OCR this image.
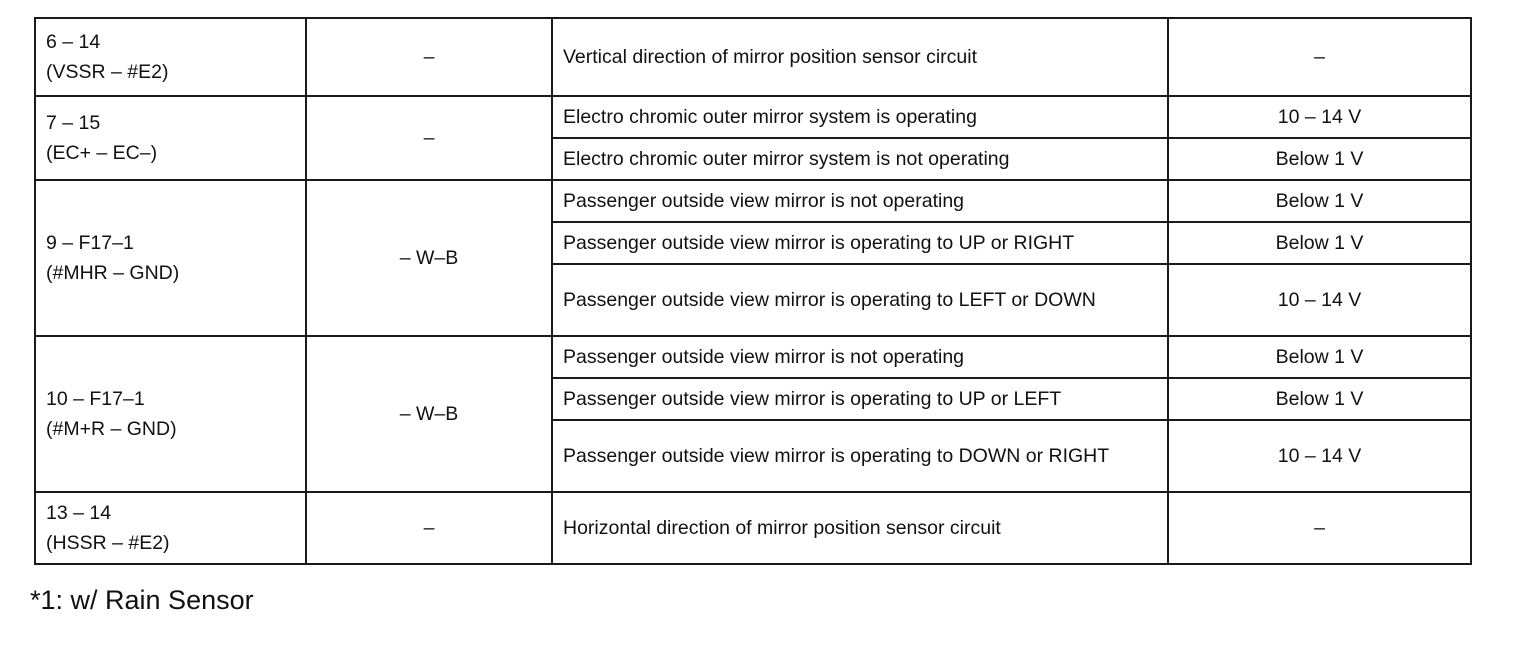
6 – 14
(VSSR – #E2)	–	Vertical direction of mirror position sensor circuit	–

7 – 15
(EC+ – EC–)	–	Electro chromic outer mirror system is operating	10 – 14 V
		Electro chromic outer mirror system is not operating	Below 1 V

9 – F17–1
(#MHR – GND)	– W–B	Passenger outside view mirror is not operating	Below 1 V
		Passenger outside view mirror is operating to UP or RIGHT	Below 1 V
		Passenger outside view mirror is operating to LEFT or DOWN	10 – 14 V

10 – F17–1
(#M+R – GND)	– W–B	Passenger outside view mirror is not operating	Below 1 V
		Passenger outside view mirror is operating to UP or LEFT	Below 1 V
		Passenger outside view mirror is operating to DOWN or RIGHT	10 – 14 V

13 – 14
(HSSR – #E2)	–	Horizontal direction of mirror position sensor circuit	–

*1: w/ Rain Sensor
